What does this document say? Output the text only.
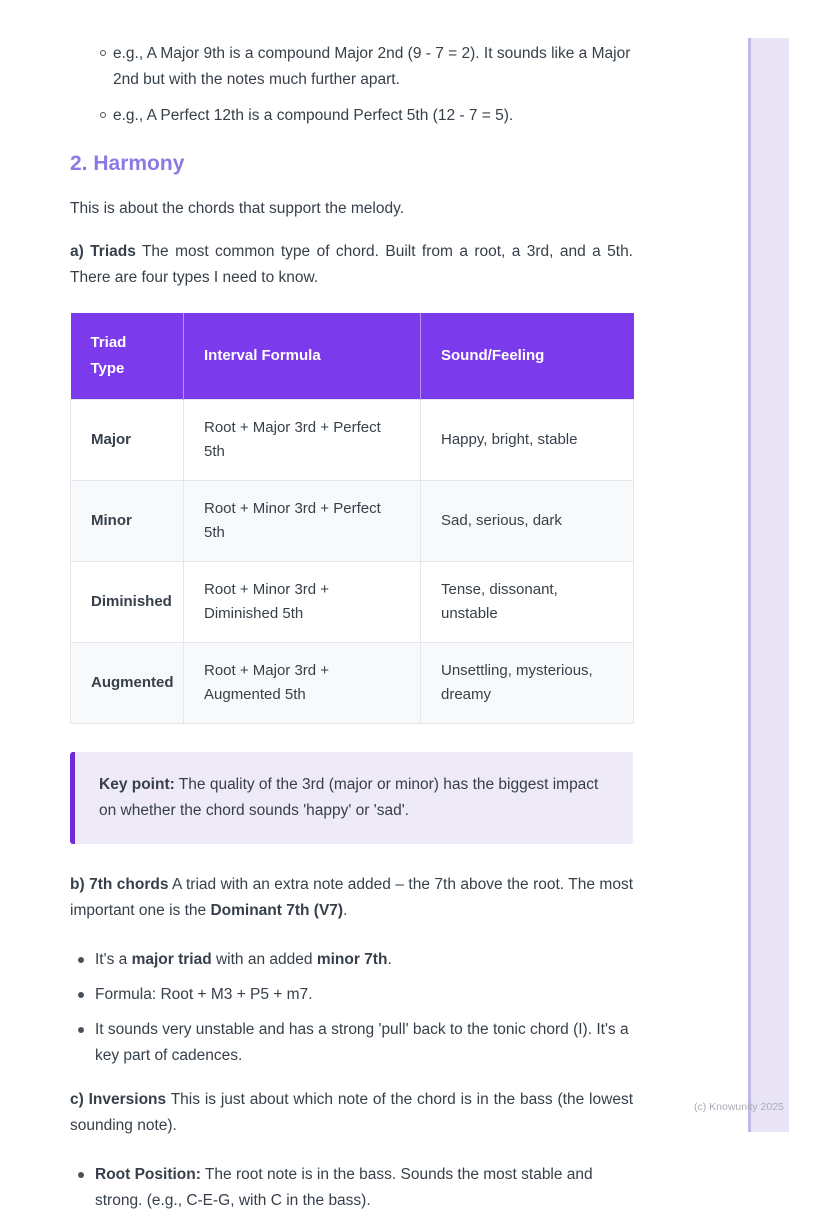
e.g., A Major 9th is a compound Major 2nd (9 - 7 = 2). It sounds like a Major 2nd but with the notes much further apart.
e.g., A Perfect 12th is a compound Perfect 5th (12 - 7 = 5).
2. Harmony

This is about the chords that support the melody.

a) Triads The most common type of chord. Built from a root, a 3rd, and a 5th. There are four types I need to know.

Triad Type	Interval Formula	Sound/Feeling
Major	Root + Major 3rd + Perfect 5th	Happy, bright, stable
Minor	Root + Minor 3rd + Perfect 5th	Sad, serious, dark
Diminished	Root + Minor 3rd + Diminished 5th	Tense, dissonant, unstable
Augmented	Root + Major 3rd + Augmented 5th	Unsettling, mysterious, dreamy

Key point: The quality of the 3rd (major or minor) has the biggest impact on whether the chord sounds 'happy' or 'sad'.

b) 7th chords A triad with an extra note added – the 7th above the root. The most important one is the Dominant 7th (V7).

It's a major triad with an added minor 7th.
Formula: Root + M3 + P5 + m7.
It sounds very unstable and has a strong 'pull' back to the tonic chord (I). It's a key part of cadences.

c) Inversions This is just about which note of the chord is in the bass (the lowest sounding note).

Root Position: The root note is in the bass. Sounds the most stable and strong. (e.g., C-E-G, with C in the bass).
(c) Knowunity 2025
